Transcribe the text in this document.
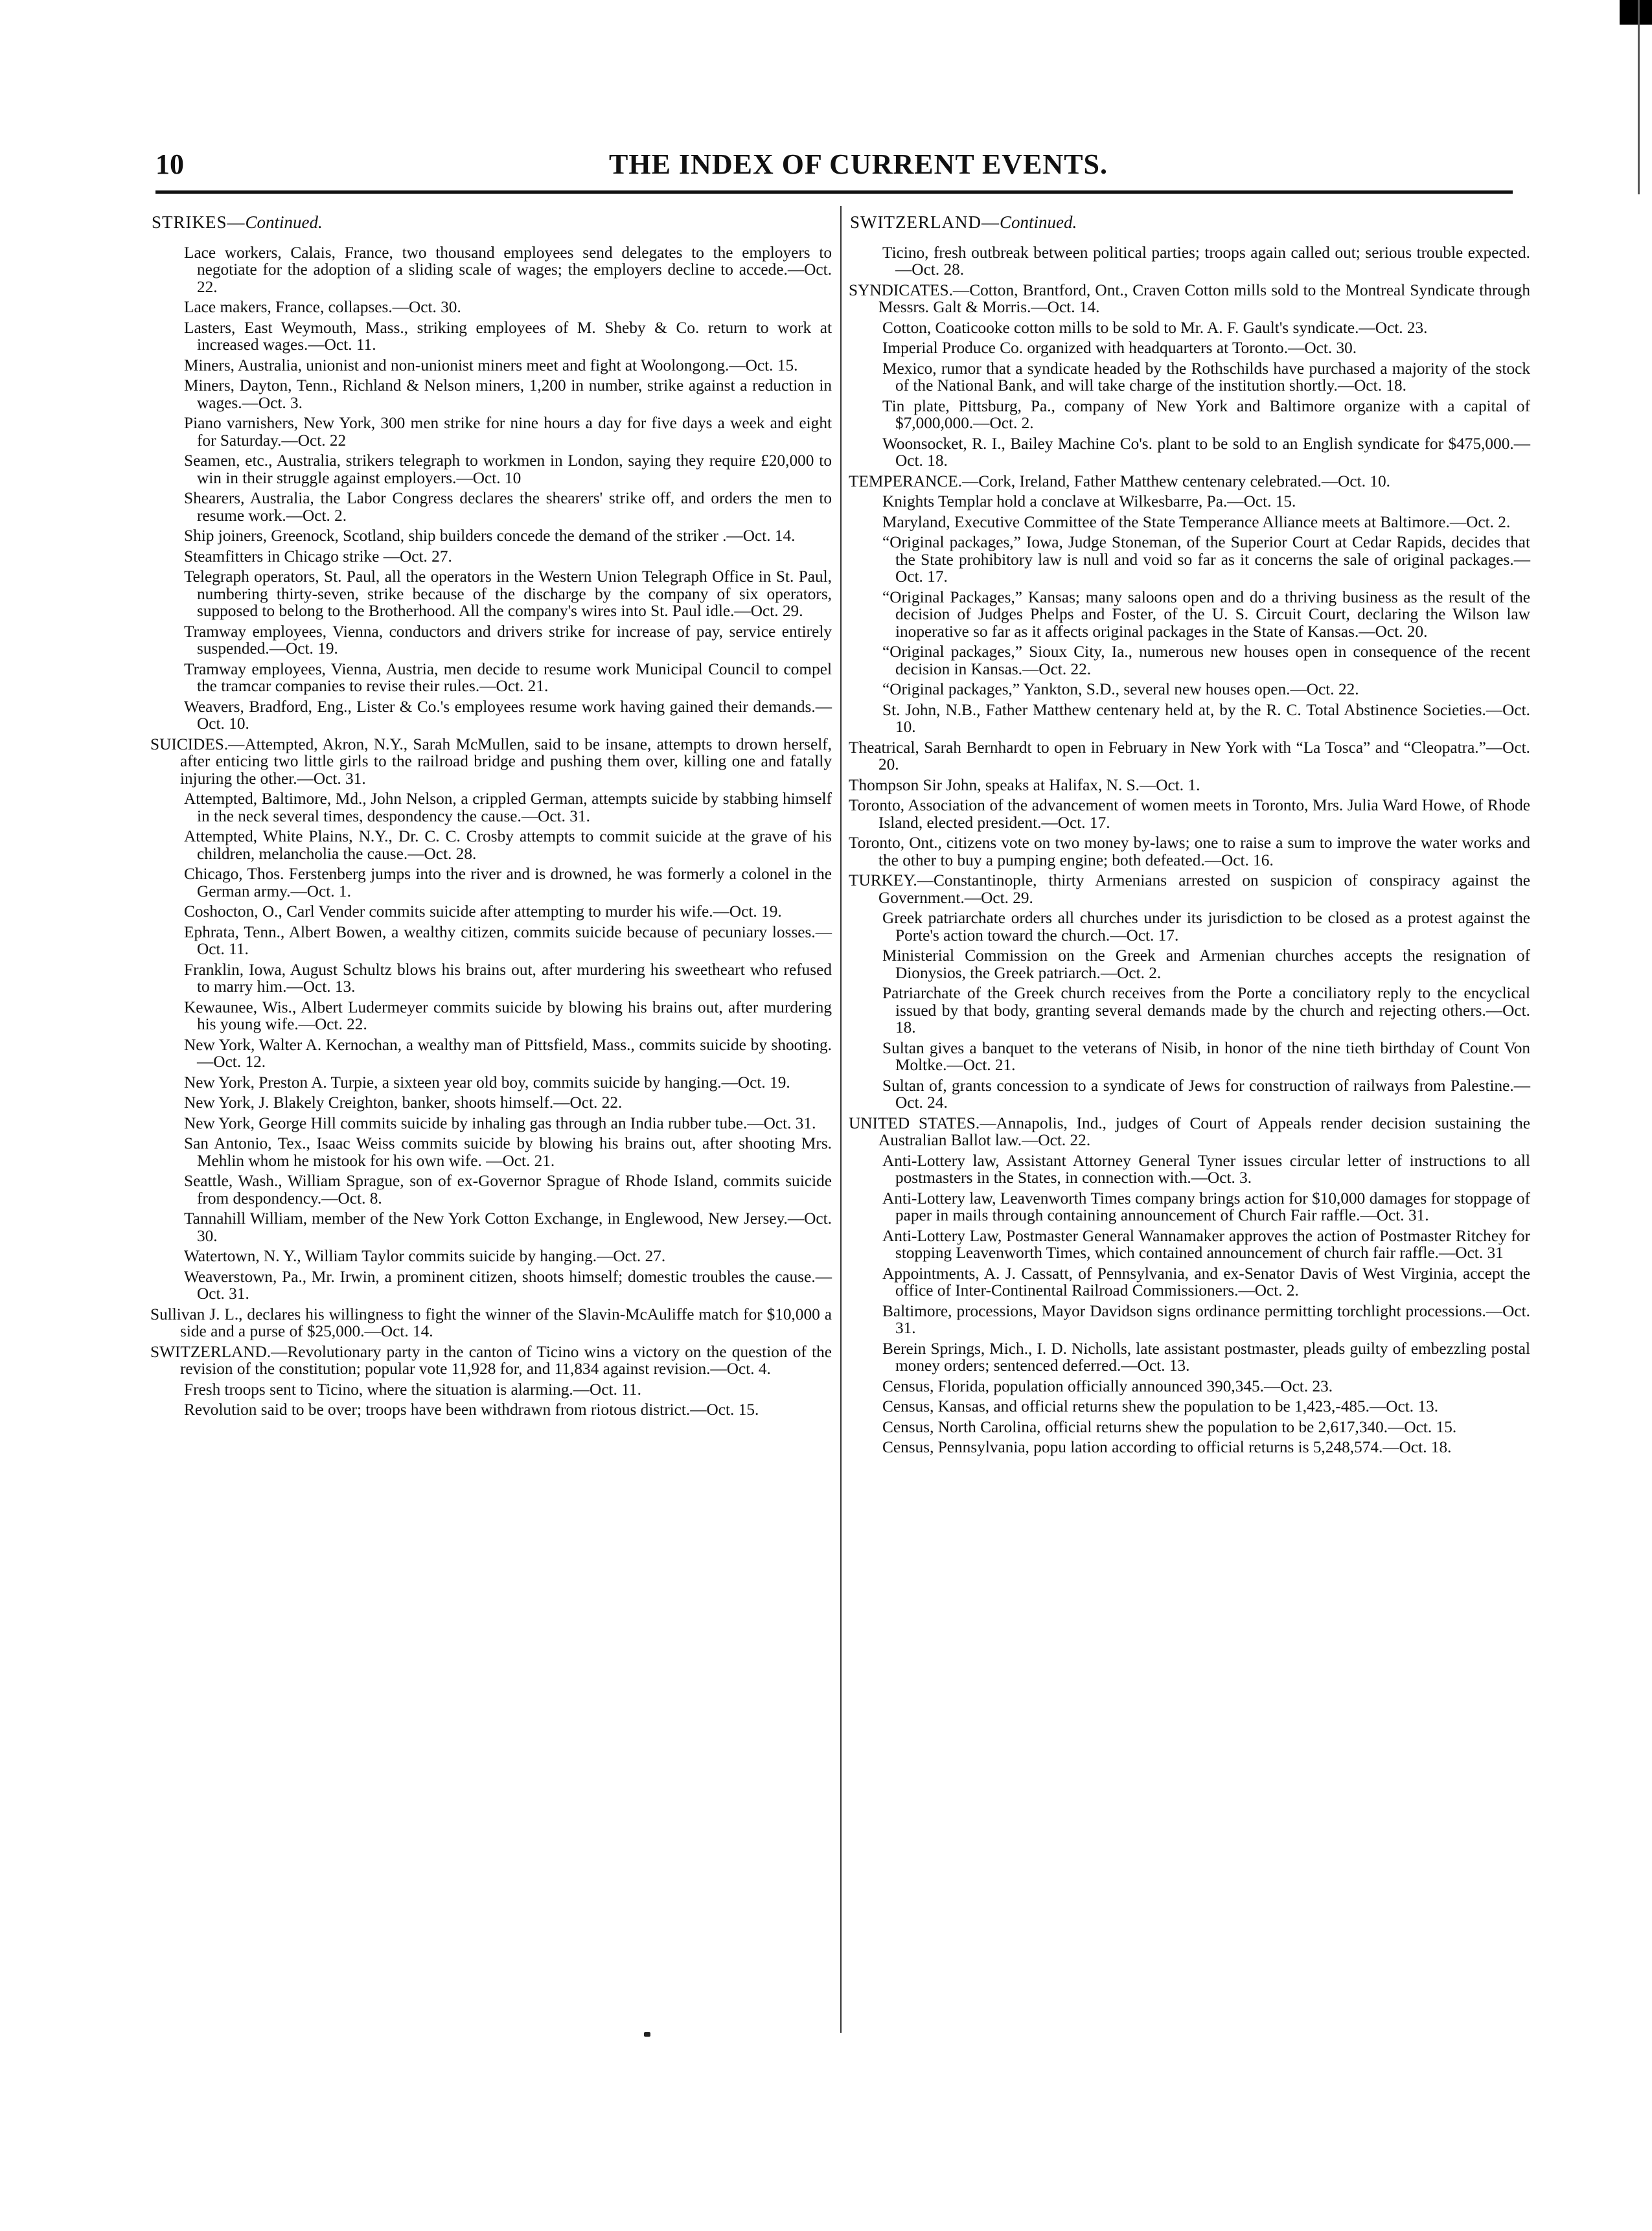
10	THE INDEX OF CURRENT EVENTS.
STRIKES—Continued.

Lace workers, Calais, France, two thousand employees send delegates to the employers to negotiate for the adoption of a sliding scale of wages; the employers decline to accede.—Oct. 22.

Lace makers, France, collapses.—Oct. 30.

Lasters, East Weymouth, Mass., striking employees of M. Sheby & Co. return to work at increased wages.—Oct. 11.

Miners, Australia, unionist and non-unionist miners meet and fight at Woolongong.—Oct. 15.

Miners, Dayton, Tenn., Richland & Nelson miners, 1,200 in number, strike against a reduction in wages.—Oct. 3.

Piano varnishers, New York, 300 men strike for nine hours a day for five days a week and eight for Saturday.—Oct. 22

Seamen, etc., Australia, strikers telegraph to workmen in London, saying they require £20,000 to win in their struggle against employers.—Oct. 10

Shearers, Australia, the Labor Congress declares the shearers' strike off, and orders the men to resume work.—Oct. 2.

Ship joiners, Greenock, Scotland, ship builders concede the demand of the striker .—Oct. 14.

Steamfitters in Chicago strike —Oct. 27.

Telegraph operators, St. Paul, all the operators in the Western Union Telegraph Office in St. Paul, numbering thirty-seven, strike because of the discharge by the company of six operators, supposed to belong to the Brotherhood. All the company's wires into St. Paul idle.—Oct. 29.

Tramway employees, Vienna, conductors and drivers strike for increase of pay, service entirely suspended.—Oct. 19.

Tramway employees, Vienna, Austria, men decide to resume work Municipal Council to compel the tramcar companies to revise their rules.—Oct. 21.

Weavers, Bradford, Eng., Lister & Co.'s employees resume work having gained their demands.—Oct. 10.

SUICIDES.—Attempted, Akron, N.Y., Sarah McMullen, said to be insane, attempts to drown herself, after enticing two little girls to the railroad bridge and pushing them over, killing one and fatally injuring the other.—Oct. 31.

Attempted, Baltimore, Md., John Nelson, a crippled German, attempts suicide by stabbing himself in the neck several times, despondency the cause.—Oct. 31.

Attempted, White Plains, N.Y., Dr. C. C. Crosby attempts to commit suicide at the grave of his children, melancholia the cause.—Oct. 28.

Chicago, Thos. Ferstenberg jumps into the river and is drowned, he was formerly a colonel in the German army.—Oct. 1.

Coshocton, O., Carl Vender commits suicide after attempting to murder his wife.—Oct. 19.

Ephrata, Tenn., Albert Bowen, a wealthy citizen, commits suicide because of pecuniary losses.—Oct. 11.

Franklin, Iowa, August Schultz blows his brains out, after murdering his sweetheart who refused to marry him.—Oct. 13.

Kewaunee, Wis., Albert Ludermeyer commits suicide by blowing his brains out, after murdering his young wife.—Oct. 22.

New York, Walter A. Kernochan, a wealthy man of Pittsfield, Mass., commits suicide by shooting.—Oct. 12.

New York, Preston A. Turpie, a sixteen year old boy, commits suicide by hanging.—Oct. 19.

New York, J. Blakely Creighton, banker, shoots himself.—Oct. 22.

New York, George Hill commits suicide by inhaling gas through an India rubber tube.—Oct. 31.

San Antonio, Tex., Isaac Weiss commits suicide by blowing his brains out, after shooting Mrs. Mehlin whom he mistook for his own wife. —Oct. 21.

Seattle, Wash., William Sprague, son of ex-Governor Sprague of Rhode Island, commits suicide from despondency.—Oct. 8.

Tannahill William, member of the New York Cotton Exchange, in Englewood, New Jersey.—Oct. 30.

Watertown, N. Y., William Taylor commits suicide by hanging.—Oct. 27.

Weaverstown, Pa., Mr. Irwin, a prominent citizen, shoots himself; domestic troubles the cause.—Oct. 31.

Sullivan J. L., declares his willingness to fight the winner of the Slavin-McAuliffe match for $10,000 a side and a purse of $25,000.—Oct. 14.

SWITZERLAND.—Revolutionary party in the canton of Ticino wins a victory on the question of the revision of the constitution; popular vote 11,928 for, and 11,834 against revision.—Oct. 4.

Fresh troops sent to Ticino, where the situation is alarming.—Oct. 11.

Revolution said to be over; troops have been withdrawn from riotous district.—Oct. 15.

SWITZERLAND—Continued.

Ticino, fresh outbreak between political parties; troops again called out; serious trouble expected.—Oct. 28.

SYNDICATES.—Cotton, Brantford, Ont., Craven Cotton mills sold to the Montreal Syndicate through Messrs. Galt & Morris.—Oct. 14.

Cotton, Coaticooke cotton mills to be sold to Mr. A. F. Gault's syndicate.—Oct. 23.

Imperial Produce Co. organized with headquarters at Toronto.—Oct. 30.

Mexico, rumor that a syndicate headed by the Rothschilds have purchased a majority of the stock of the National Bank, and will take charge of the institution shortly.—Oct. 18.

Tin plate, Pittsburg, Pa., company of New York and Baltimore organize with a capital of $7,000,000.—Oct. 2.

Woonsocket, R. I., Bailey Machine Co's. plant to be sold to an English syndicate for $475,000.—Oct. 18.

TEMPERANCE.—Cork, Ireland, Father Matthew centenary celebrated.—Oct. 10.

Knights Templar hold a conclave at Wilkesbarre, Pa.—Oct. 15.

Maryland, Executive Committee of the State Temperance Alliance meets at Baltimore.—Oct. 2.

“Original packages,” Iowa, Judge Stoneman, of the Superior Court at Cedar Rapids, decides that the State prohibitory law is null and void so far as it concerns the sale of original packages.—Oct. 17.

“Original Packages,” Kansas; many saloons open and do a thriving business as the result of the decision of Judges Phelps and Foster, of the U. S. Circuit Court, declaring the Wilson law inoperative so far as it affects original packages in the State of Kansas.—Oct. 20.

“Original packages,” Sioux City, Ia., numerous new houses open in consequence of the recent decision in Kansas.—Oct. 22.

“Original packages,” Yankton, S.D., several new houses open.—Oct. 22.

St. John, N.B., Father Matthew centenary held at, by the R. C. Total Abstinence Societies.—Oct. 10.

Theatrical, Sarah Bernhardt to open in February in New York with “La Tosca” and “Cleopatra.”—Oct. 20.

Thompson Sir John, speaks at Halifax, N. S.—Oct. 1.

Toronto, Association of the advancement of women meets in Toronto, Mrs. Julia Ward Howe, of Rhode Island, elected president.—Oct. 17.

Toronto, Ont., citizens vote on two money by-laws; one to raise a sum to improve the water works and the other to buy a pumping engine; both defeated.—Oct. 16.

TURKEY.—Constantinople, thirty Armenians arrested on suspicion of conspiracy against the Government.—Oct. 29.

Greek patriarchate orders all churches under its jurisdiction to be closed as a protest against the Porte's action toward the church.—Oct. 17.

Ministerial Commission on the Greek and Armenian churches accepts the resignation of Dionysios, the Greek patriarch.—Oct. 2.

Patriarchate of the Greek church receives from the Porte a conciliatory reply to the encyclical issued by that body, granting several demands made by the church and rejecting others.—Oct. 18.

Sultan gives a banquet to the veterans of Nisib, in honor of the nine tieth birthday of Count Von Moltke.—Oct. 21.

Sultan of, grants concession to a syndicate of Jews for construction of railways from Palestine.—Oct. 24.

UNITED STATES.—Annapolis, Ind., judges of Court of Appeals render decision sustaining the Australian Ballot law.—Oct. 22.

Anti-Lottery law, Assistant Attorney General Tyner issues circular letter of instructions to all postmasters in the States, in connection with.—Oct. 3.

Anti-Lottery law, Leavenworth Times company brings action for $10,000 damages for stoppage of paper in mails through containing announcement of Church Fair raffle.—Oct. 31.

Anti-Lottery Law, Postmaster General Wannamaker approves the action of Postmaster Ritchey for stopping Leavenworth Times, which contained announcement of church fair raffle.—Oct. 31

Appointments, A. J. Cassatt, of Pennsylvania, and ex-Senator Davis of West Virginia, accept the office of Inter-Continental Railroad Commissioners.—Oct. 2.

Baltimore, processions, Mayor Davidson signs ordinance permitting torchlight processions.—Oct. 31.

Berein Springs, Mich., I. D. Nicholls, late assistant postmaster, pleads guilty of embezzling postal money orders; sentenced deferred.—Oct. 13.

Census, Florida, population officially announced 390,345.—Oct. 23.

Census, Kansas, and official returns shew the population to be 1,423,-485.—Oct. 13.

Census, North Carolina, official returns shew the population to be 2,617,340.—Oct. 15.

Census, Pennsylvania, popu lation according to official returns is 5,248,574.—Oct. 18.
